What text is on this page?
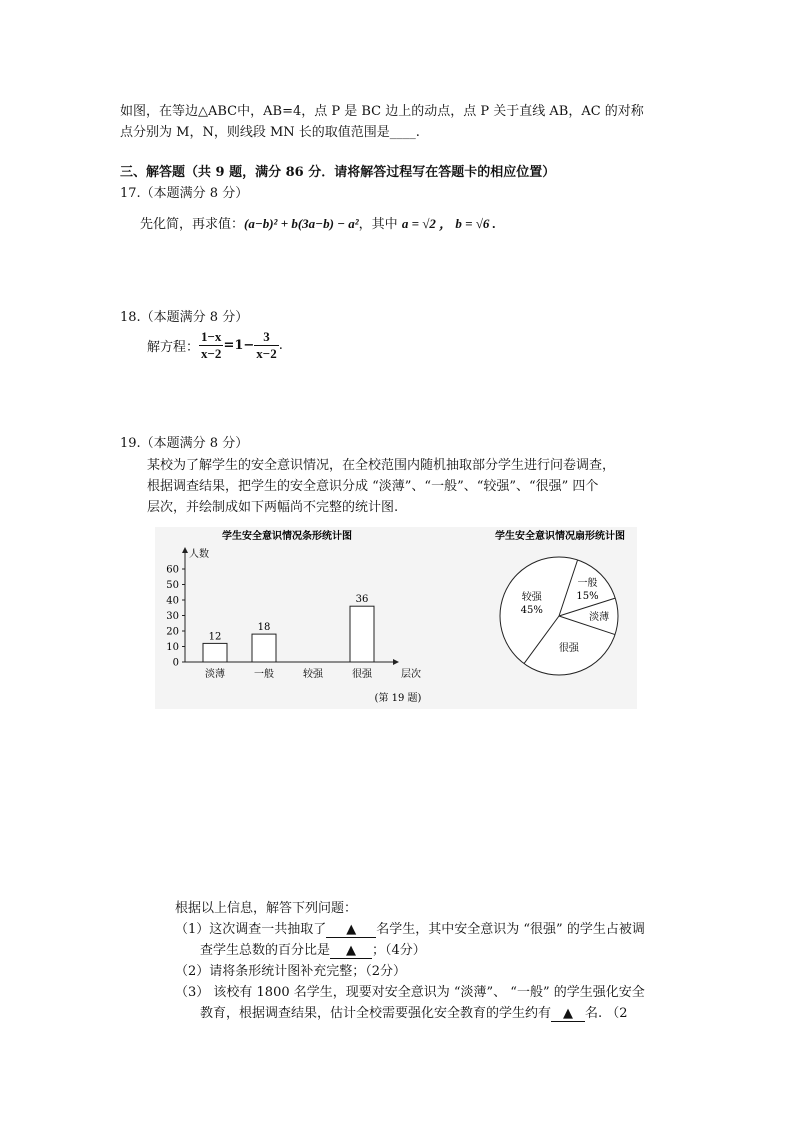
如图，在等边△ABC中，AB=4，点 P 是 BC 边上的动点，点 P 关于直线 AB，AC 的对称
点分别为 M，N，则线段 MN 长的取值范围是____.
三、解答题（共 9 题，满分 86 分．请将解答过程写在答题卡的相应位置）
17.（本题满分 8 分）
先化简，再求值：(a−b)² + b(3a−b) − a²，其中 a = √2 ， b = √6 .
18.（本题满分 8 分）
解方程： $\frac{1-x}{x-2} =1- \frac{3}{x-2}$ .
19.（本题满分 8 分）
某校为了解学生的安全意识情况，在全校范围内随机抽取部分学生进行问卷调查，
根据调查结果，把学生的安全意识分成 “淡薄”、“一般”、“较强”、“很强” 四个
层次，并绘制成如下两幅尚不完整的统计图.
学生安全意识情况条形统计图	学生安全意识情况扇形统计图
人数
层次
0
10
20
30
40
50
60
淡薄
12
一般
18
较强	很强
36	较强
45%
一般
15%
淡薄
很强
(第 19 题)
根据以上信息，解答下列问题：
（1）这次调查一共抽取了 ▲ 名学生，其中安全意识为 “很强” 的学生占被调
查学生总数的百分比是 ▲ ；（4分）
（2）请将条形统计图补充完整；（2分）
（3） 该校有 1800 名学生，现要对安全意识为 “淡薄”、 “一般” 的学生强化安全
教育，根据调查结果，估计全校需要强化安全教育的学生约有 ▲ 名. （2
